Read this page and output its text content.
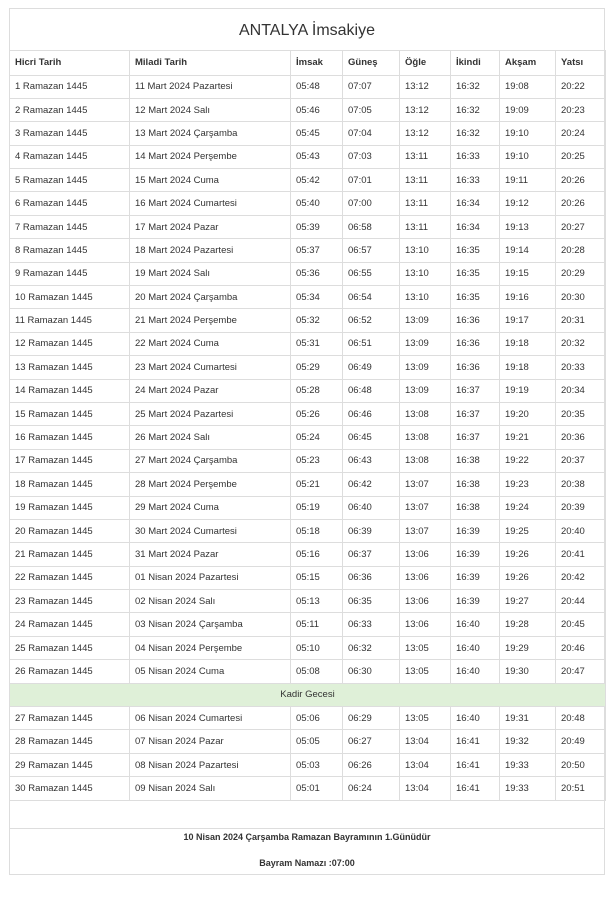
ANTALYA İmsakiye
Hicri Tarih	Miladi Tarih	İmsak	Güneş	Öğle	İkindi	Akşam	Yatsı
1 Ramazan 1445	11 Mart 2024 Pazartesi	05:48	07:07	13:12	16:32	19:08	20:22
2 Ramazan 1445	12 Mart 2024 Salı	05:46	07:05	13:12	16:32	19:09	20:23
3 Ramazan 1445	13 Mart 2024 Çarşamba	05:45	07:04	13:12	16:32	19:10	20:24
4 Ramazan 1445	14 Mart 2024 Perşembe	05:43	07:03	13:11	16:33	19:10	20:25
5 Ramazan 1445	15 Mart 2024 Cuma	05:42	07:01	13:11	16:33	19:11	20:26
6 Ramazan 1445	16 Mart 2024 Cumartesi	05:40	07:00	13:11	16:34	19:12	20:26
7 Ramazan 1445	17 Mart 2024 Pazar	05:39	06:58	13:11	16:34	19:13	20:27
8 Ramazan 1445	18 Mart 2024 Pazartesi	05:37	06:57	13:10	16:35	19:14	20:28
9 Ramazan 1445	19 Mart 2024 Salı	05:36	06:55	13:10	16:35	19:15	20:29
10 Ramazan 1445	20 Mart 2024 Çarşamba	05:34	06:54	13:10	16:35	19:16	20:30
11 Ramazan 1445	21 Mart 2024 Perşembe	05:32	06:52	13:09	16:36	19:17	20:31
12 Ramazan 1445	22 Mart 2024 Cuma	05:31	06:51	13:09	16:36	19:18	20:32
13 Ramazan 1445	23 Mart 2024 Cumartesi	05:29	06:49	13:09	16:36	19:18	20:33
14 Ramazan 1445	24 Mart 2024 Pazar	05:28	06:48	13:09	16:37	19:19	20:34
15 Ramazan 1445	25 Mart 2024 Pazartesi	05:26	06:46	13:08	16:37	19:20	20:35
16 Ramazan 1445	26 Mart 2024 Salı	05:24	06:45	13:08	16:37	19:21	20:36
17 Ramazan 1445	27 Mart 2024 Çarşamba	05:23	06:43	13:08	16:38	19:22	20:37
18 Ramazan 1445	28 Mart 2024 Perşembe	05:21	06:42	13:07	16:38	19:23	20:38
19 Ramazan 1445	29 Mart 2024 Cuma	05:19	06:40	13:07	16:38	19:24	20:39
20 Ramazan 1445	30 Mart 2024 Cumartesi	05:18	06:39	13:07	16:39	19:25	20:40
21 Ramazan 1445	31 Mart 2024 Pazar	05:16	06:37	13:06	16:39	19:26	20:41
22 Ramazan 1445	01 Nisan 2024 Pazartesi	05:15	06:36	13:06	16:39	19:26	20:42
23 Ramazan 1445	02 Nisan 2024 Salı	05:13	06:35	13:06	16:39	19:27	20:44
24 Ramazan 1445	03 Nisan 2024 Çarşamba	05:11	06:33	13:06	16:40	19:28	20:45
25 Ramazan 1445	04 Nisan 2024 Perşembe	05:10	06:32	13:05	16:40	19:29	20:46
26 Ramazan 1445	05 Nisan 2024 Cuma	05:08	06:30	13:05	16:40	19:30	20:47
Kadir Gecesi							
27 Ramazan 1445	06 Nisan 2024 Cumartesi	05:06	06:29	13:05	16:40	19:31	20:48
28 Ramazan 1445	07 Nisan 2024 Pazar	05:05	06:27	13:04	16:41	19:32	20:49
29 Ramazan 1445	08 Nisan 2024 Pazartesi	05:03	06:26	13:04	16:41	19:33	20:50
30 Ramazan 1445	09 Nisan 2024 Salı	05:01	06:24	13:04	16:41	19:33	20:51
10 Nisan 2024 Çarşamba Ramazan Bayramının 1.Günüdür
Bayram Namazı :07:00
